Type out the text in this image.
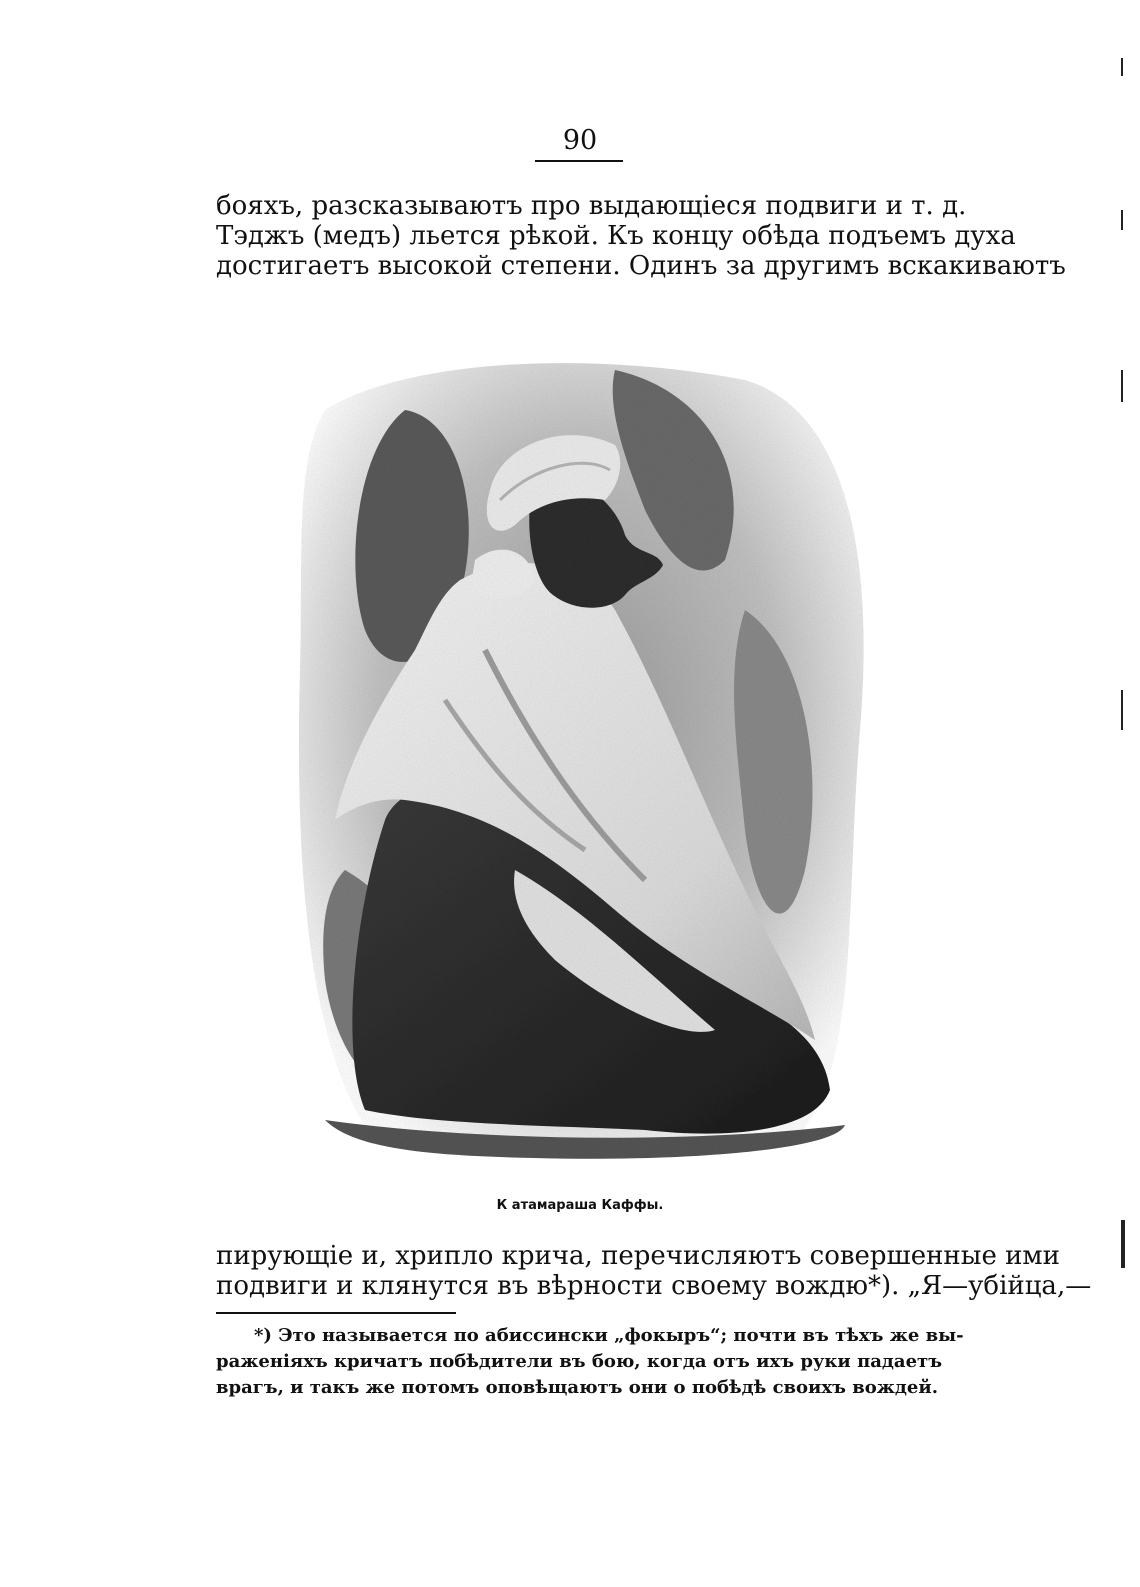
90
бояхъ, разсказываютъ про выдающіеся подвиги и т. д.
Тэджъ (медъ) льется рѣкой. Къ концу обѣда подъемъ духа
достигаетъ высокой степени. Одинъ за другимъ вскакиваютъ
К атамараша Каффы.
пирующіе и, хрипло крича, перечисляютъ совершенные ими
подвиги и клянутся въ вѣрности своему вождю*). „Я—убійца,—
*) Это называется по абиссински „фокыръ“; почти въ тѣхъ же вы-
раженіяхъ кричатъ побѣдители въ бою, когда отъ ихъ руки падаетъ
врагъ, и такъ же потомъ оповѣщаютъ они о побѣдѣ своихъ вождей.
